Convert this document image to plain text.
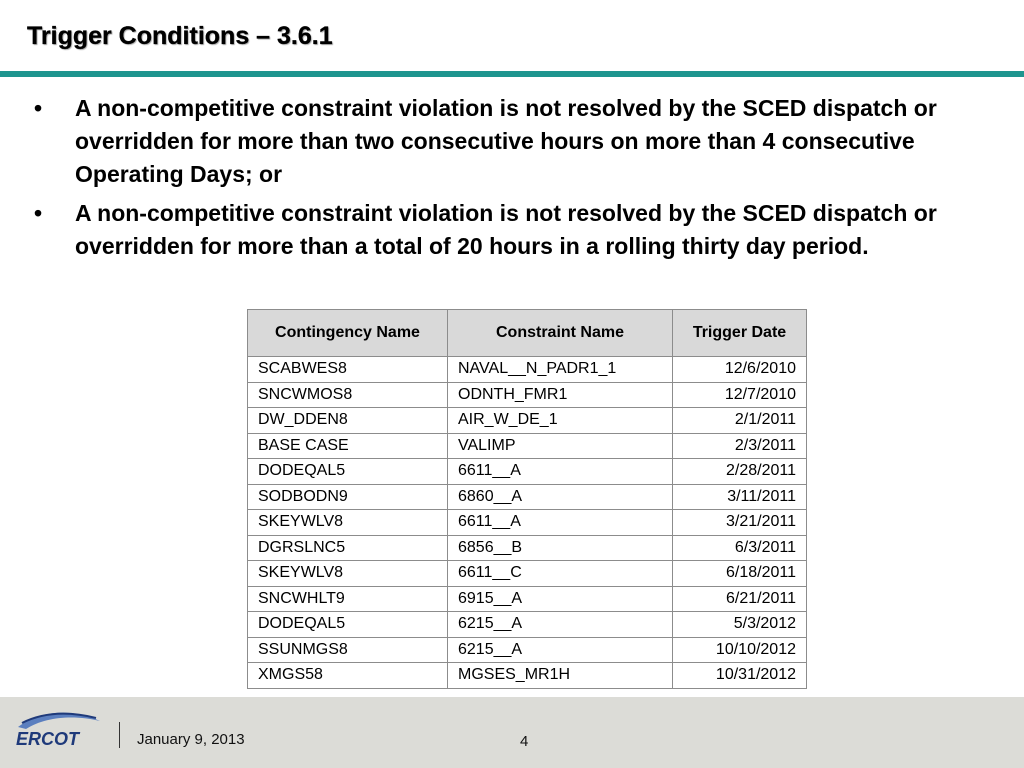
Trigger Conditions – 3.6.1
• A non-competitive constraint violation is not resolved by the SCED dispatch or overridden for more than two consecutive hours on more than 4 consecutive Operating Days; or
• A non-competitive constraint violation is not resolved by the SCED dispatch or overridden for more than a total of 20 hours in a rolling thirty day period.
Contingency Name	Constraint Name	Trigger Date
SCABWES8	NAVAL__N_PADR1_1	12/6/2010
SNCWMOS8	ODNTH_FMR1	12/7/2010
DW_DDEN8	AIR_W_DE_1	2/1/2011
BASE CASE	VALIMP	2/3/2011
DODEQAL5	6611__A	2/28/2011
SODBODN9	6860__A	3/11/2011
SKEYWLV8	6611__A	3/21/2011
DGRSLNC5	6856__B	6/3/2011
SKEYWLV8	6611__C	6/18/2011
SNCWHLT9	6915__A	6/21/2011
DODEQAL5	6215__A	5/3/2012
SSUNMGS8	6215__A	10/10/2012
XMGS58	MGSES_MR1H	10/31/2012
ERCOT	January 9, 2013	4
